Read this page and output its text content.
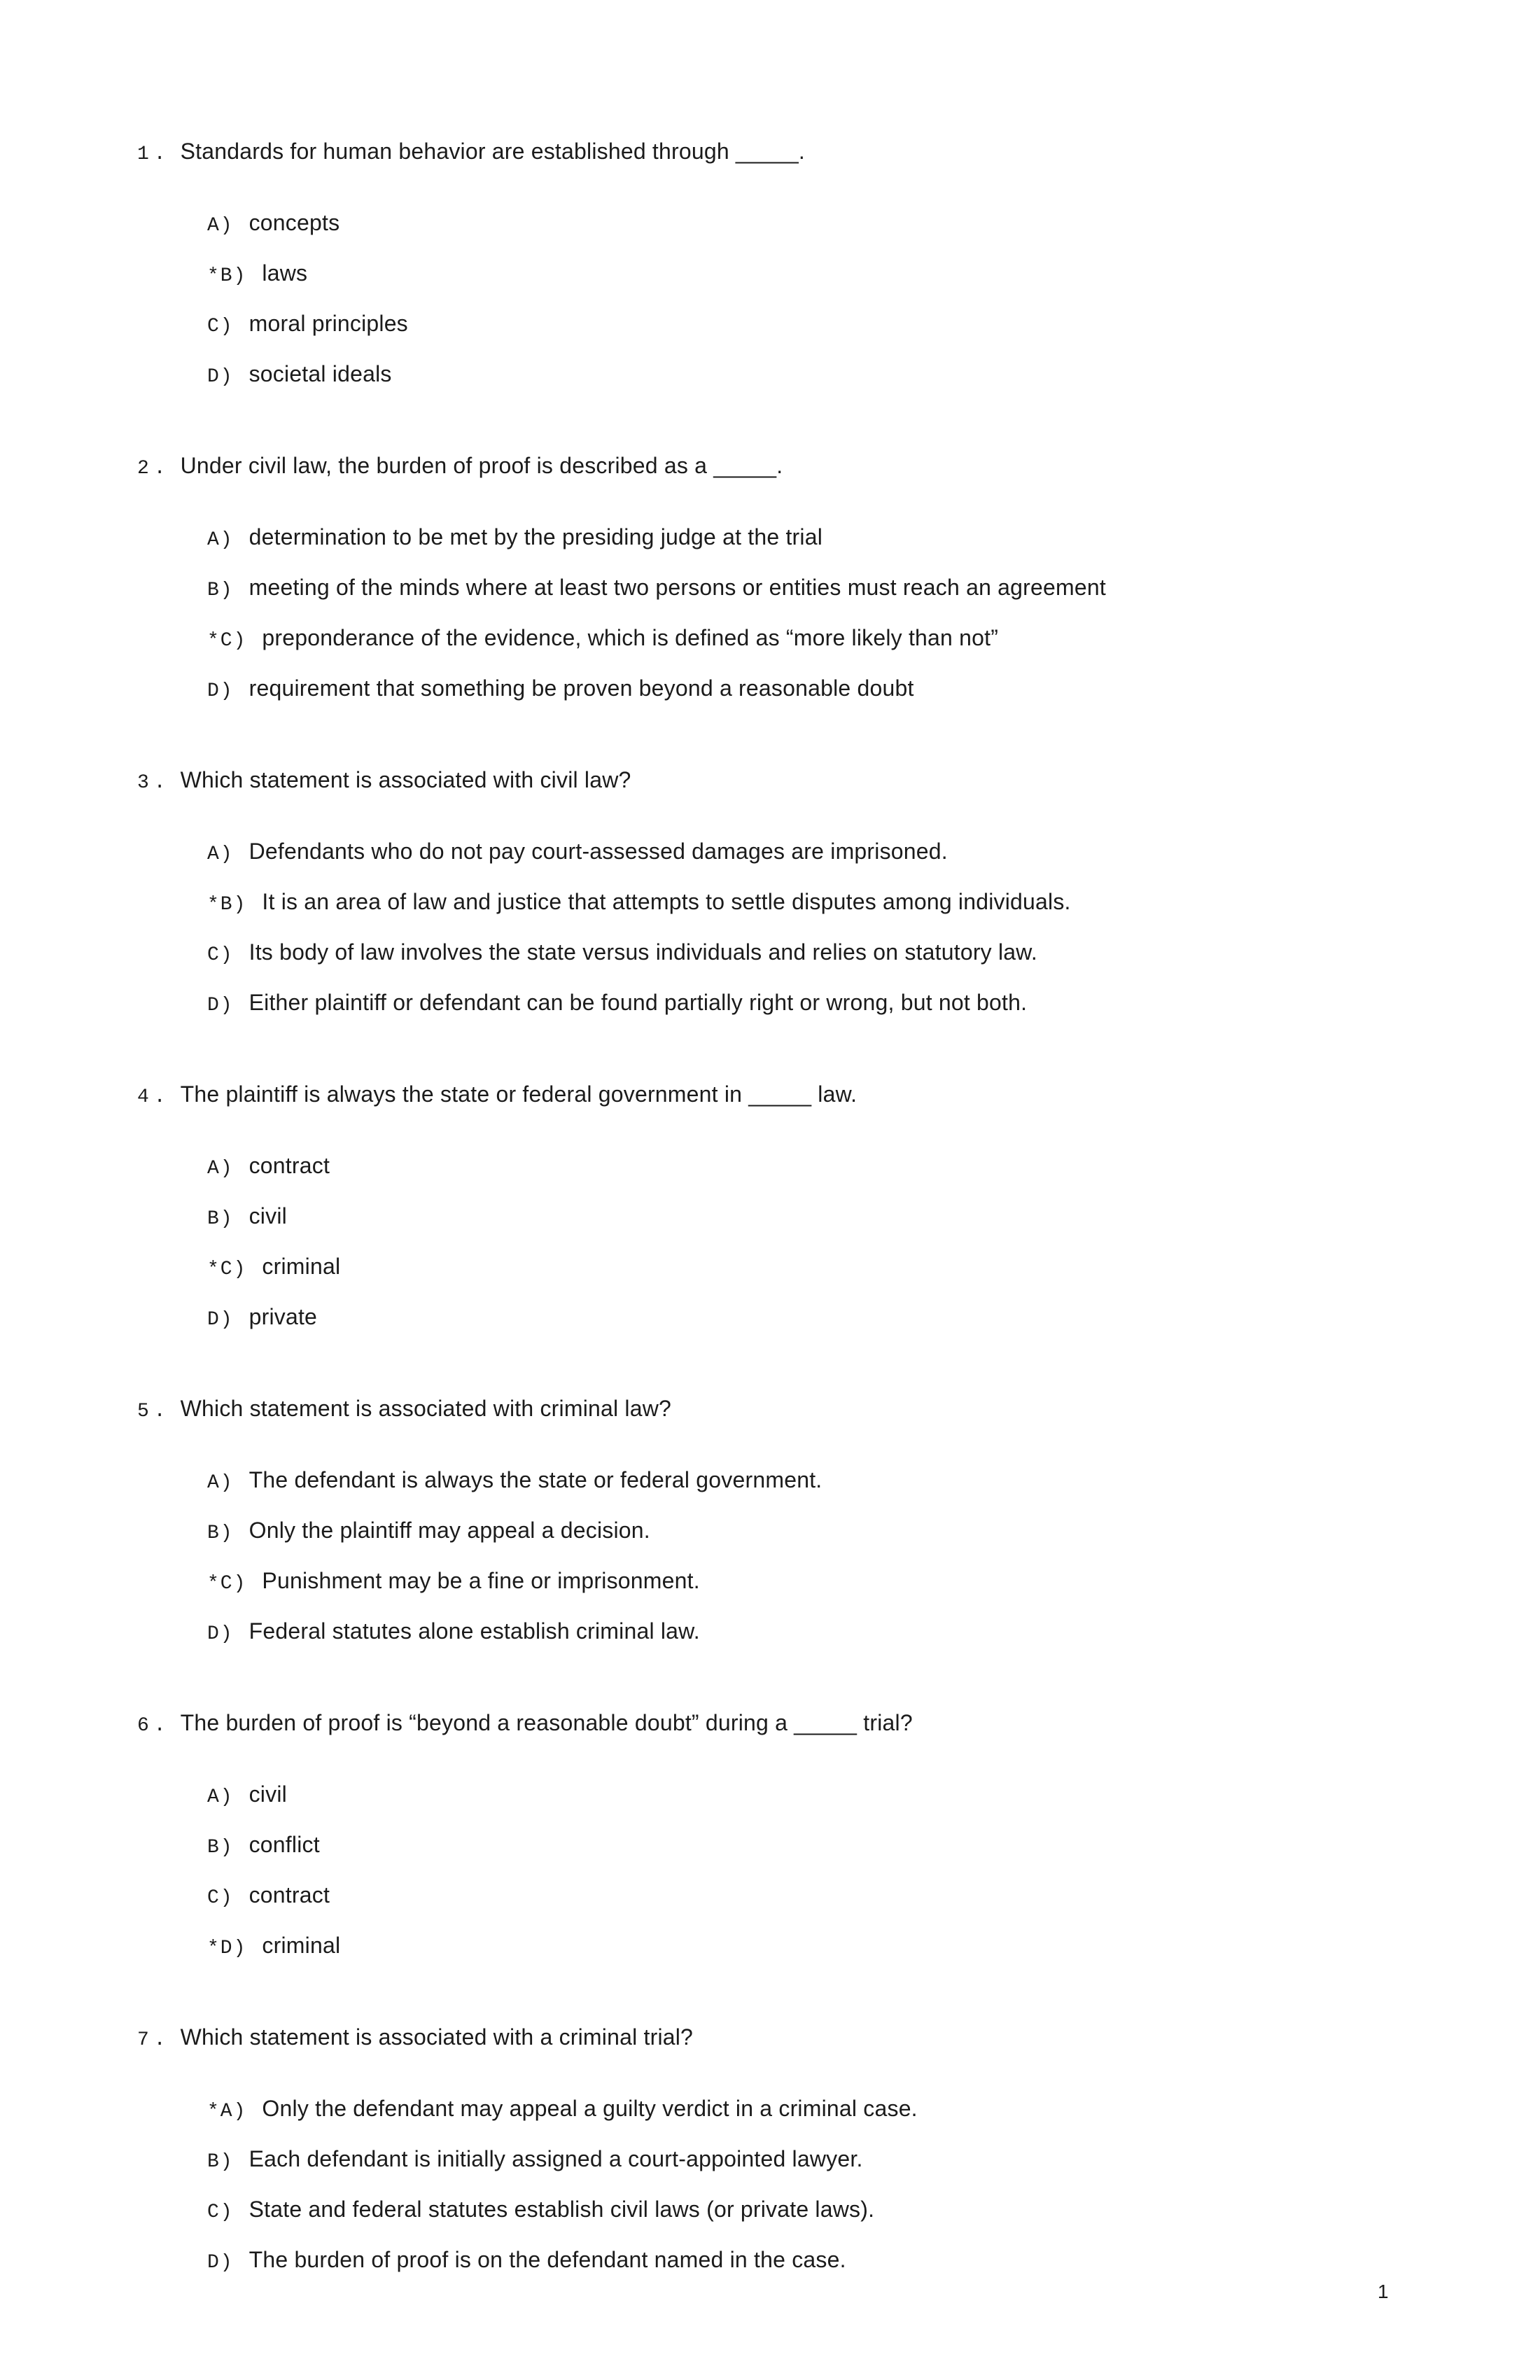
1. Standards for human behavior are established through _____.
A) concepts
*B) laws
C) moral principles
D) societal ideals
2. Under civil law, the burden of proof is described as a _____.
A) determination to be met by the presiding judge at the trial
B) meeting of the minds where at least two persons or entities must reach an agreement
*C) preponderance of the evidence, which is defined as “more likely than not”
D) requirement that something be proven beyond a reasonable doubt
3. Which statement is associated with civil law?
A) Defendants who do not pay court-assessed damages are imprisoned.
*B) It is an area of law and justice that attempts to settle disputes among individuals.
C) Its body of law involves the state versus individuals and relies on statutory law.
D) Either plaintiff or defendant can be found partially right or wrong, but not both.
4. The plaintiff is always the state or federal government in _____ law.
A) contract
B) civil
*C) criminal
D) private
5. Which statement is associated with criminal law?
A) The defendant is always the state or federal government.
B) Only the plaintiff may appeal a decision.
*C) Punishment may be a fine or imprisonment.
D) Federal statutes alone establish criminal law.
6. The burden of proof is “beyond a reasonable doubt” during a _____ trial?
A) civil
B) conflict
C) contract
*D) criminal
7. Which statement is associated with a criminal trial?
*A) Only the defendant may appeal a guilty verdict in a criminal case.
B) Each defendant is initially assigned a court-appointed lawyer.
C) State and federal statutes establish civil laws (or private laws).
D) The burden of proof is on the defendant named in the case.
1
